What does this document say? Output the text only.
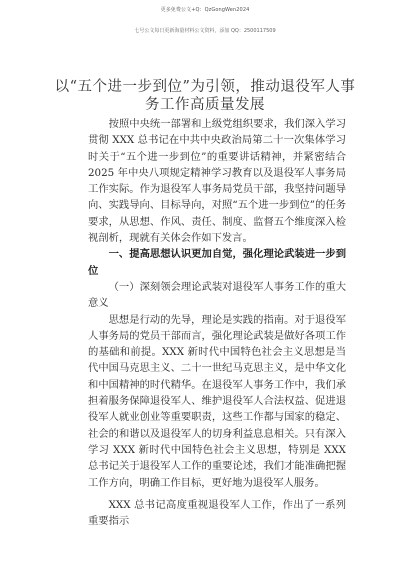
更多免费公文+Q：QzGongWen2024
七号公文每日更新海量材料公文资料，添加 QQ：2500117509
以“五个进一步到位”为引领，推动退役军人事务工作高质量发展

按照中央统一部署和上级党组织要求，我们深入学习贯彻 XXX 总书记在中共中央政治局第二十一次集体学习时关于“五个进一步到位”的重要讲话精神，并紧密结合 2025 年中央八项规定精神学习教育以及退役军人事务局工作实际。作为退役军人事务局党员干部，我坚持问题导向、实践导向、目标导向，对照“五个进一步到位”的任务要求，从思想、作风、责任、制度、监督五个维度深入检视剖析，现就有关体会作如下发言。

一、提高思想认识更加自觉，强化理论武装进一步到位

（一）深刻领会理论武装对退役军人事务工作的重大意义

思想是行动的先导，理论是实践的指南。对于退役军人事务局的党员干部而言，强化理论武装是做好各项工作的基础和前提。XXX 新时代中国特色社会主义思想是当代中国马克思主义、二十一世纪马克思主义，是中华文化和中国精神的时代精华。在退役军人事务工作中，我们承担着服务保障退役军人、维护退役军人合法权益、促进退役军人就业创业等重要职责，这些工作都与国家的稳定、社会的和谐以及退役军人的切身利益息息相关。只有深入学习 XXX 新时代中国特色社会主义思想，特别是 XXX 总书记关于退役军人工作的重要论述，我们才能准确把握工作方向，明确工作目标，更好地为退役军人服务。

XXX 总书记高度重视退役军人工作，作出了一系列重要指示
